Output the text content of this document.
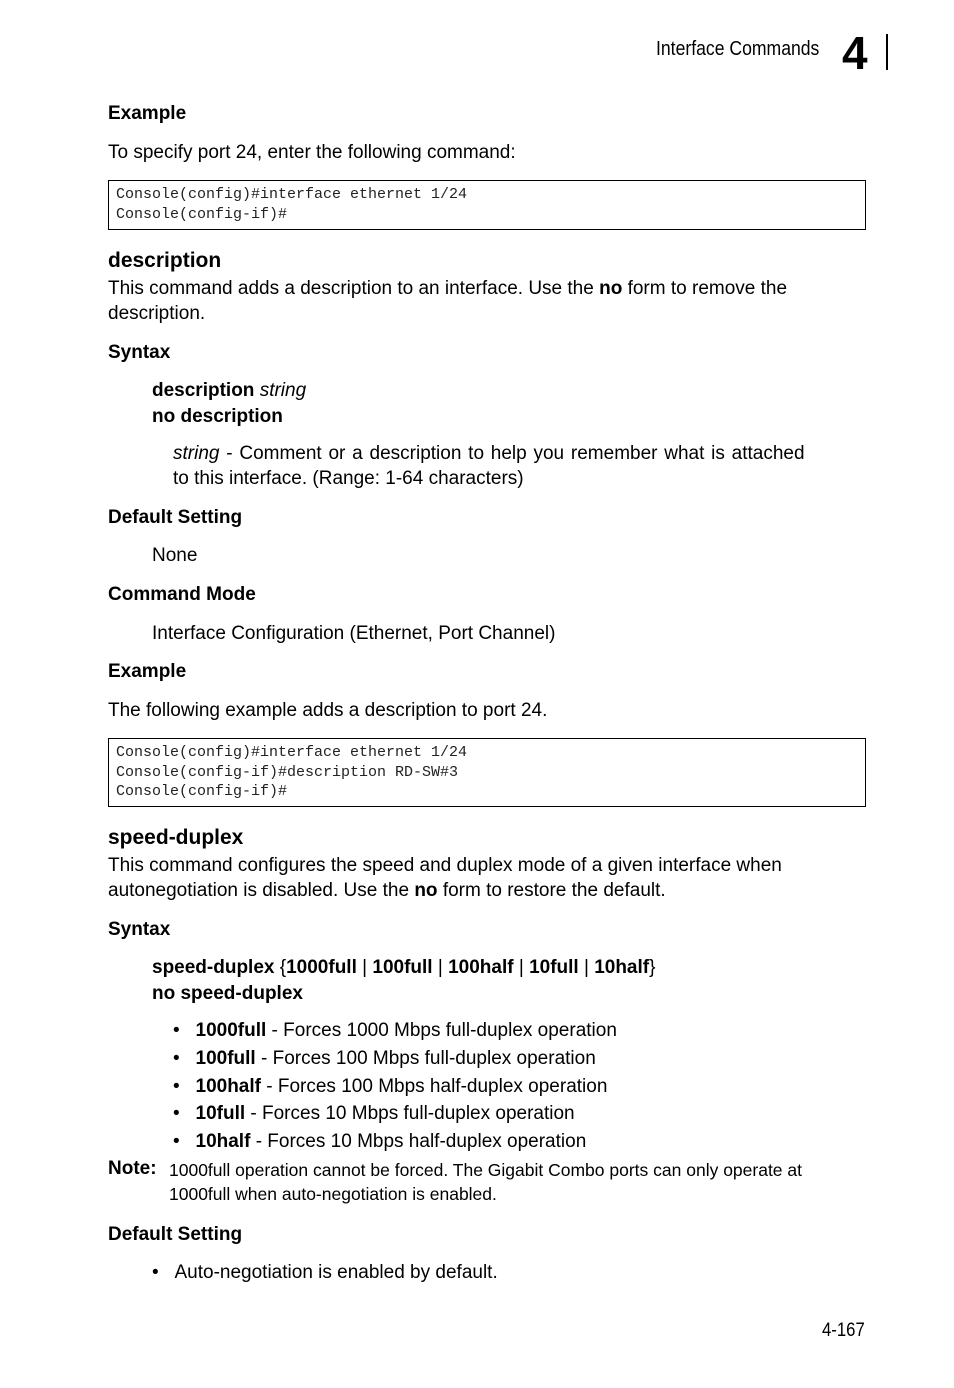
Interface Commands 4
Example
To specify port 24, enter the following command:
Console(config)#interface ethernet 1/24
Console(config-if)#
description
This command adds a description to an interface. Use the no form to remove the
description.
Syntax
description string
no description
string - Comment or a description to help you remember what is attached
to this interface. (Range: 1-64 characters)
Default Setting
None
Command Mode
Interface Configuration (Ethernet, Port Channel)
Example
The following example adds a description to port 24.
Console(config)#interface ethernet 1/24
Console(config-if)#description RD-SW#3
Console(config-if)#
speed-duplex
This command configures the speed and duplex mode of a given interface when
autonegotiation is disabled. Use the no form to restore the default.
Syntax
speed-duplex {1000full | 100full | 100half | 10full | 10half}
no speed-duplex
• 1000full - Forces 1000 Mbps full-duplex operation
• 100full - Forces 100 Mbps full-duplex operation
• 100half - Forces 100 Mbps half-duplex operation
• 10full - Forces 10 Mbps full-duplex operation
• 10half - Forces 10 Mbps half-duplex operation
Note: 1000full operation cannot be forced. The Gigabit Combo ports can only operate at
1000full when auto-negotiation is enabled.
Default Setting
• Auto-negotiation is enabled by default.
4-167
